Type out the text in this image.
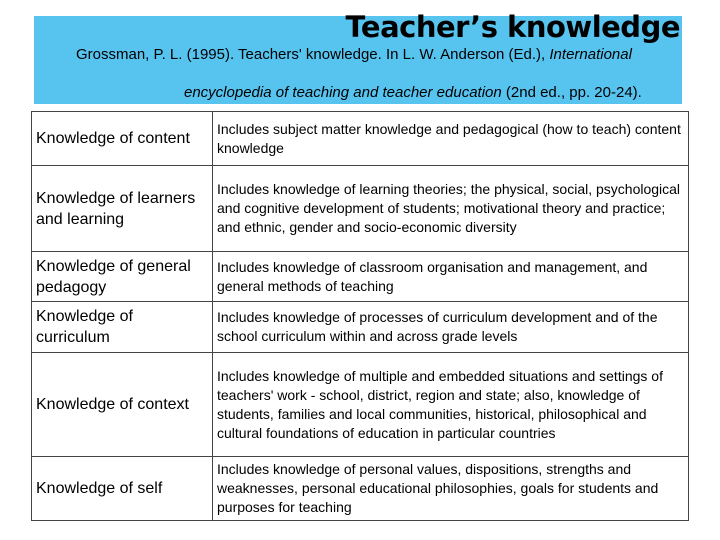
Teacher’s knowledge
Grossman, P. L. (1995). Teachers' knowledge. In L. W. Anderson (Ed.), International
encyclopedia of teaching and teacher education (2nd ed., pp. 20-24).
Knowledge of content	Includes subject matter knowledge and pedagogical (how to teach) content knowledge
Knowledge of learners and learning	Includes knowledge of learning theories; the physical, social, psychological and cognitive development of students; motivational theory and practice; and ethnic, gender and socio-economic diversity
Knowledge of general pedagogy	Includes knowledge of classroom organisation and management, and general methods of teaching
Knowledge of curriculum	Includes knowledge of processes of curriculum development and of the school curriculum within and across grade levels
Knowledge of context	Includes knowledge of multiple and embedded situations and settings of teachers' work - school, district, region and state; also, knowledge of students, families and local communities, historical, philosophical and cultural foundations of education in particular countries
Knowledge of self	Includes knowledge of personal values, dispositions, strengths and weaknesses, personal educational philosophies, goals for students and purposes for teaching
